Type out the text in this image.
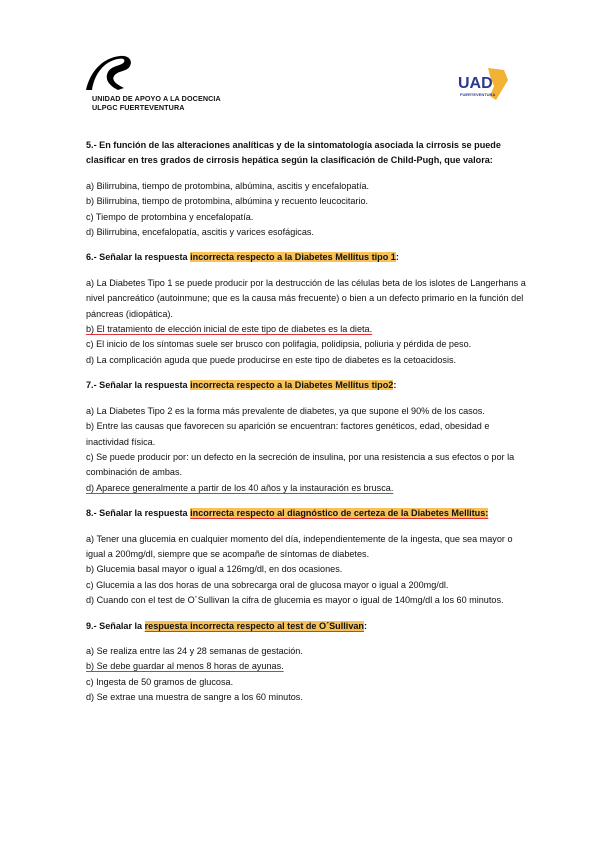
UNIDAD DE APOYO A LA DOCENCIA
ULPGC FUERTEVENTURA
UAD
FUERTEVENTURA

5.- En función de las alteraciones analíticas y de la sintomatología asociada la cirrosis se puede clasificar en tres grados de cirrosis hepática según la clasificación de Child-Pugh, que valora:

a) Bilirrubina, tiempo de protombina, albúmina, ascitis y encefalopatía.

b) Bilirrubina, tiempo de protombina, albúmina y recuento leucocitario.

c) Tiempo de protombina y encefalopatía.

d) Bilirrubina, encefalopatía, ascitis y varices esofágicas.

6.- Señalar la respuesta incorrecta respecto a la Diabetes Mellitus tipo 1:

a) La Diabetes Tipo 1 se puede producir por la destrucción de las células beta de los islotes de Langerhans a nivel pancreático (autoinmune; que es la causa más frecuente) o bien a un defecto primario en la función del páncreas (idiopática).

b) El tratamiento de elección inicial de este tipo de diabetes es la dieta.

c) El inicio de los síntomas suele ser brusco con polifagia, polidipsia, poliuria y pérdida de peso.

d) La complicación aguda que puede producirse en este tipo de diabetes es la cetoacidosis.

7.- Señalar la respuesta incorrecta respecto a la Diabetes Mellitus tipo2:

a) La Diabetes Tipo 2 es la forma más prevalente de diabetes, ya que supone el 90% de los casos.

b) Entre las causas que favorecen su aparición se encuentran: factores genéticos, edad, obesidad e inactividad física.

c) Se puede producir por: un defecto en la secreción de insulina, por una resistencia a sus efectos o por la combinación de ambas.

d) Aparece generalmente a partir de los 40 años y la instauración es brusca.

8.- Señalar la respuesta incorrecta respecto al diagnóstico de certeza de la Diabetes Mellitus:

a) Tener una glucemia en cualquier momento del día, independientemente de la ingesta, que sea mayor o igual a 200mg/dl, siempre que se acompañe de síntomas de diabetes.

b) Glucemia basal mayor o igual a 126mg/dl, en dos ocasiones.

c) Glucemia a las dos horas de una sobrecarga oral de glucosa mayor o igual a 200mg/dl.

d) Cuando con el test de O´Sullivan la cifra de glucemia es mayor o igual de 140mg/dl a los 60 minutos.

9.- Señalar la respuesta incorrecta respecto al test de O´Sullivan:

a) Se realiza entre las 24 y 28 semanas de gestación.

b) Se debe guardar al menos 8 horas de ayunas.

c) Ingesta de 50 gramos de glucosa.

d) Se extrae una muestra de sangre a los 60 minutos.
